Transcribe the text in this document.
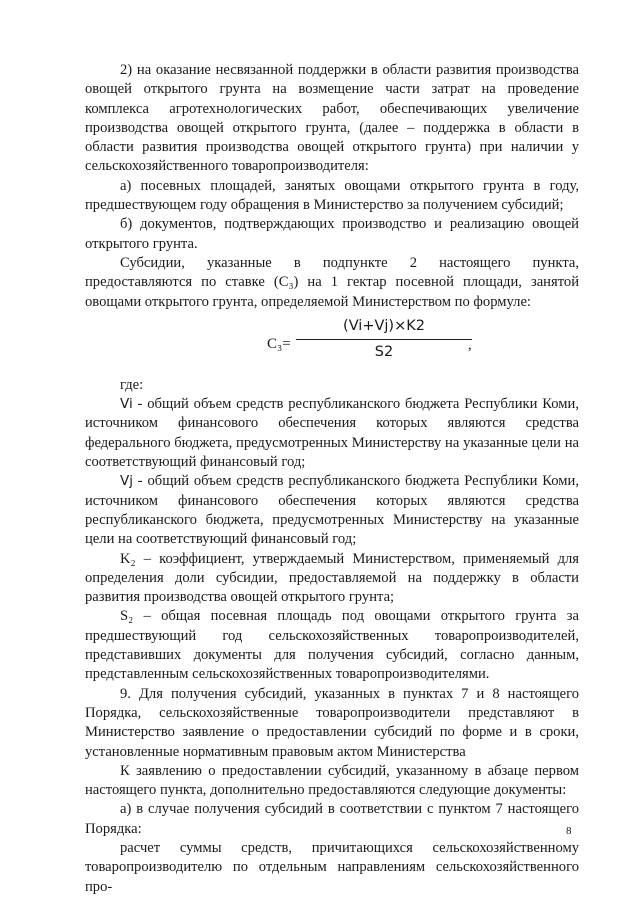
2) на оказание несвязанной поддержки в области развития производства овощей открытого грунта на возмещение части затрат на проведение комплекса агротехнологических работ, обеспечивающих увеличение производства овощей открытого грунта, (далее – поддержка в области в области развития производства овощей открытого грунта) при наличии у сельскохозяйственного товаропроизводителя:

а) посевных площадей, занятых овощами открытого грунта в году, предшествующем году обращения в Министерство за получением субсидий;

б) документов, подтверждающих производство и реализацию овощей открытого грунта.

Субсидии, указанные в подпункте 2 настоящего пункта, предоставляются по ставке (С₃) на 1 гектар посевной площади, занятой овощами открытого грунта, определяемой Министерством по формуле:

С₃=
(Vi+Vj)×K2
S2	,

где:

Vi - общий объем средств республиканского бюджета Республики Коми, источником финансового обеспечения которых являются средства федерального бюджета, предусмотренных Министерству на указанные цели на соответствующий финансовый год;

Vj - общий объем средств республиканского бюджета Республики Коми, источником финансового обеспечения которых являются средства республиканского бюджета, предусмотренных Министерству на указанные цели на соответствующий финансовый год;

K₂ – коэффициент, утверждаемый Министерством, применяемый для определения доли субсидии, предоставляемой на поддержку в области развития производства овощей открытого грунта;

S₂ – общая посевная площадь под овощами открытого грунта за предшествующий год сельскохозяйственных товаропроизводителей, представивших документы для получения субсидий, согласно данным, представленным сельскохозяйственных товаропроизводителями.

9. Для получения субсидий, указанных в пунктах 7 и 8 настоящего Порядка, сельскохозяйственные товаропроизводители представляют в Министерство заявление о предоставлении субсидий по форме и в сроки, установленные нормативным правовым актом Министерства

К заявлению о предоставлении субсидий, указанному в абзаце первом настоящего пункта, дополнительно предоставляются следующие документы:

а) в случае получения субсидий в соответствии с пунктом 7 настоящего Порядка:

расчет суммы средств, причитающихся сельскохозяйственному товаропроизводителю по отдельным направлениям сельскохозяйственного про-

8
